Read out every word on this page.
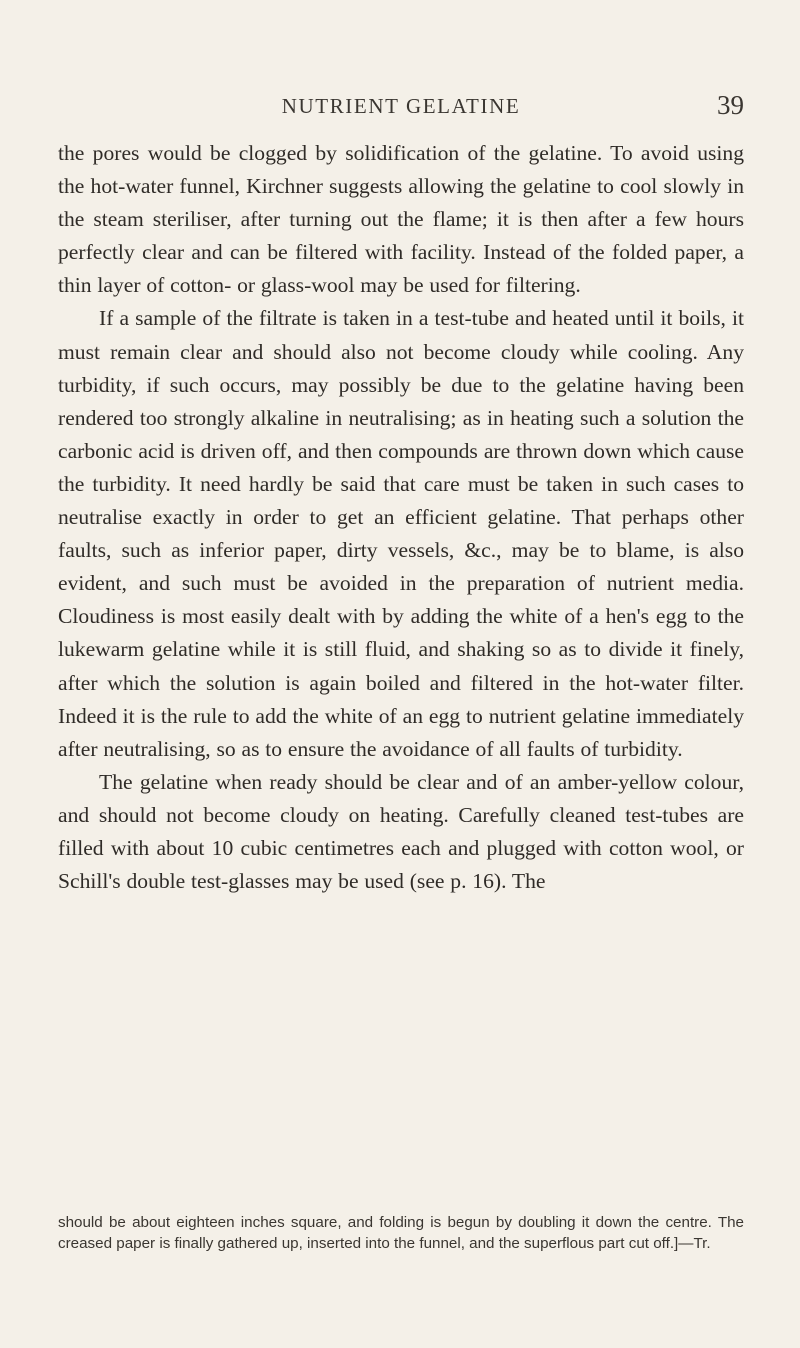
NUTRIENT GELATINE	39

the pores would be clogged by solidification of the gelatine. To avoid using the hot-water funnel, Kirchner suggests allowing the gelatine to cool slowly in the steam steriliser, after turning out the flame; it is then after a few hours perfectly clear and can be filtered with facility. Instead of the folded paper, a thin layer of cotton- or glass-wool may be used for filtering.

If a sample of the filtrate is taken in a test-tube and heated until it boils, it must remain clear and should also not become cloudy while cooling. Any turbidity, if such occurs, may possibly be due to the gelatine having been rendered too strongly alkaline in neutralising; as in heating such a solution the carbonic acid is driven off, and then compounds are thrown down which cause the turbidity. It need hardly be said that care must be taken in such cases to neutralise exactly in order to get an efficient gelatine. That perhaps other faults, such as inferior paper, dirty vessels, &c., may be to blame, is also evident, and such must be avoided in the preparation of nutrient media. Cloudiness is most easily dealt with by adding the white of a hen's egg to the lukewarm gelatine while it is still fluid, and shaking so as to divide it finely, after which the solution is again boiled and filtered in the hot-water filter. Indeed it is the rule to add the white of an egg to nutrient gelatine immediately after neutralising, so as to ensure the avoidance of all faults of turbidity.

The gelatine when ready should be clear and of an amber-yellow colour, and should not become cloudy on heating. Carefully cleaned test-tubes are filled with about 10 cubic centimetres each and plugged with cotton wool, or Schill's double test-glasses may be used (see p. 16). The

should be about eighteen inches square, and folding is begun by doubling it down the centre. The creased paper is finally gathered up, inserted into the funnel, and the superflous part cut off.]—Tr.
